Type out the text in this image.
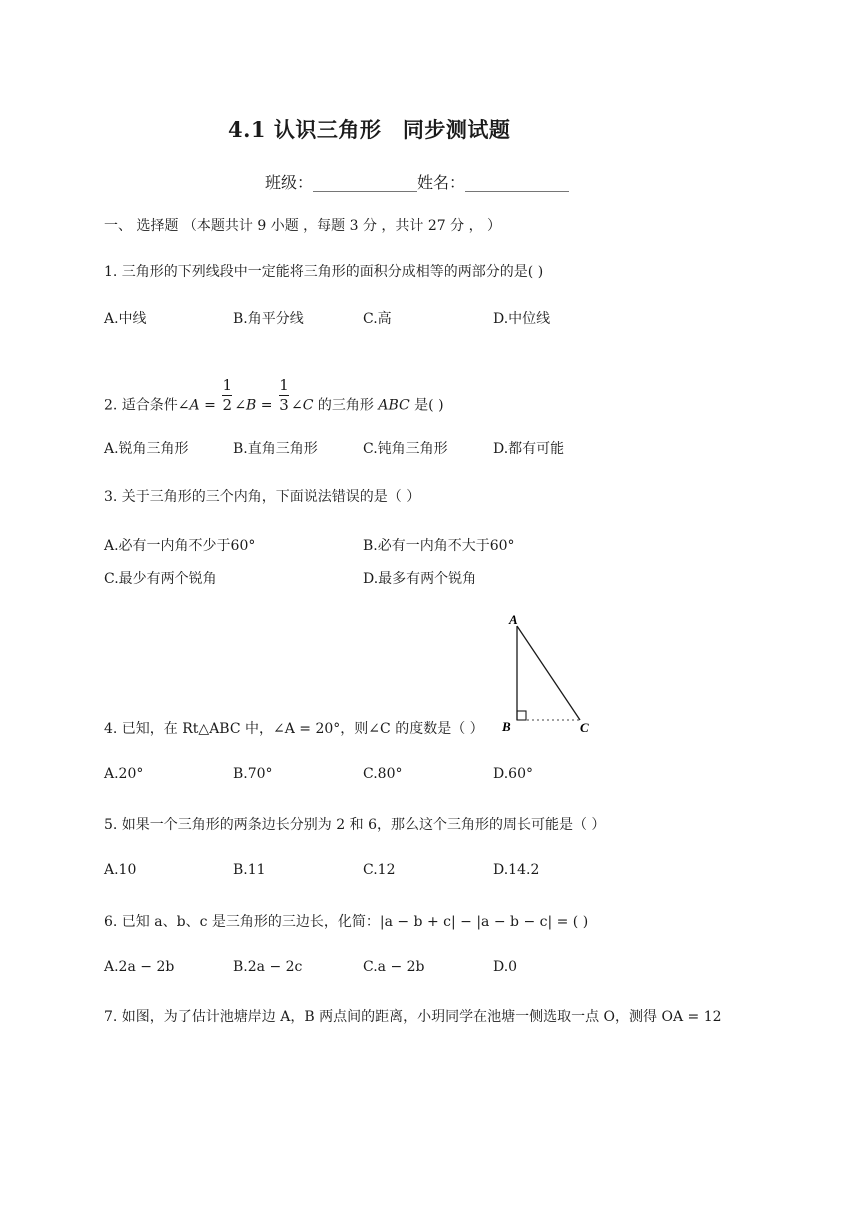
4.1 认识三角形　同步测试题
班级：_____________姓名：_____________
一、 选择题 （本题共计 9 小题 ，每题 3 分 ，共计 27 分 ， ）
1. 三角形的下列线段中一定能将三角形的面积分成相等的两部分的是( )
A.中线	B.角平分线	C.高	D.中位线
2. 适合条件∠A = $\frac{1}{2}$ ∠B = $\frac{1}{3}$ ∠C 的三角形 ABC 是( )
A.锐角三角形	B.直角三角形	C.钝角三角形	D.都有可能
3. 关于三角形的三个内角，下面说法错误的是（ ）
A.必有一内角不少于60°	B.必有一内角不大于60°
C.最少有两个锐角	D.最多有两个锐角
A
B	C
4. 已知，在 Rt△ABC 中，∠A = 20°，则∠C 的度数是（ ）
A.20°	B.70°	C.80°	D.60°
5. 如果一个三角形的两条边长分别为 2 和 6，那么这个三角形的周长可能是（ ）
A.10	B.11	C.12	D.14.2
6. 已知 a、b、c 是三角形的三边长，化简：|a − b + c| − |a − b − c| = ( )
A.2a − 2b	B.2a − 2c	C.a − 2b	D.0
7. 如图，为了估计池塘岸边 A，B 两点间的距离，小玥同学在池塘一侧选取一点 O，测得 OA = 12
